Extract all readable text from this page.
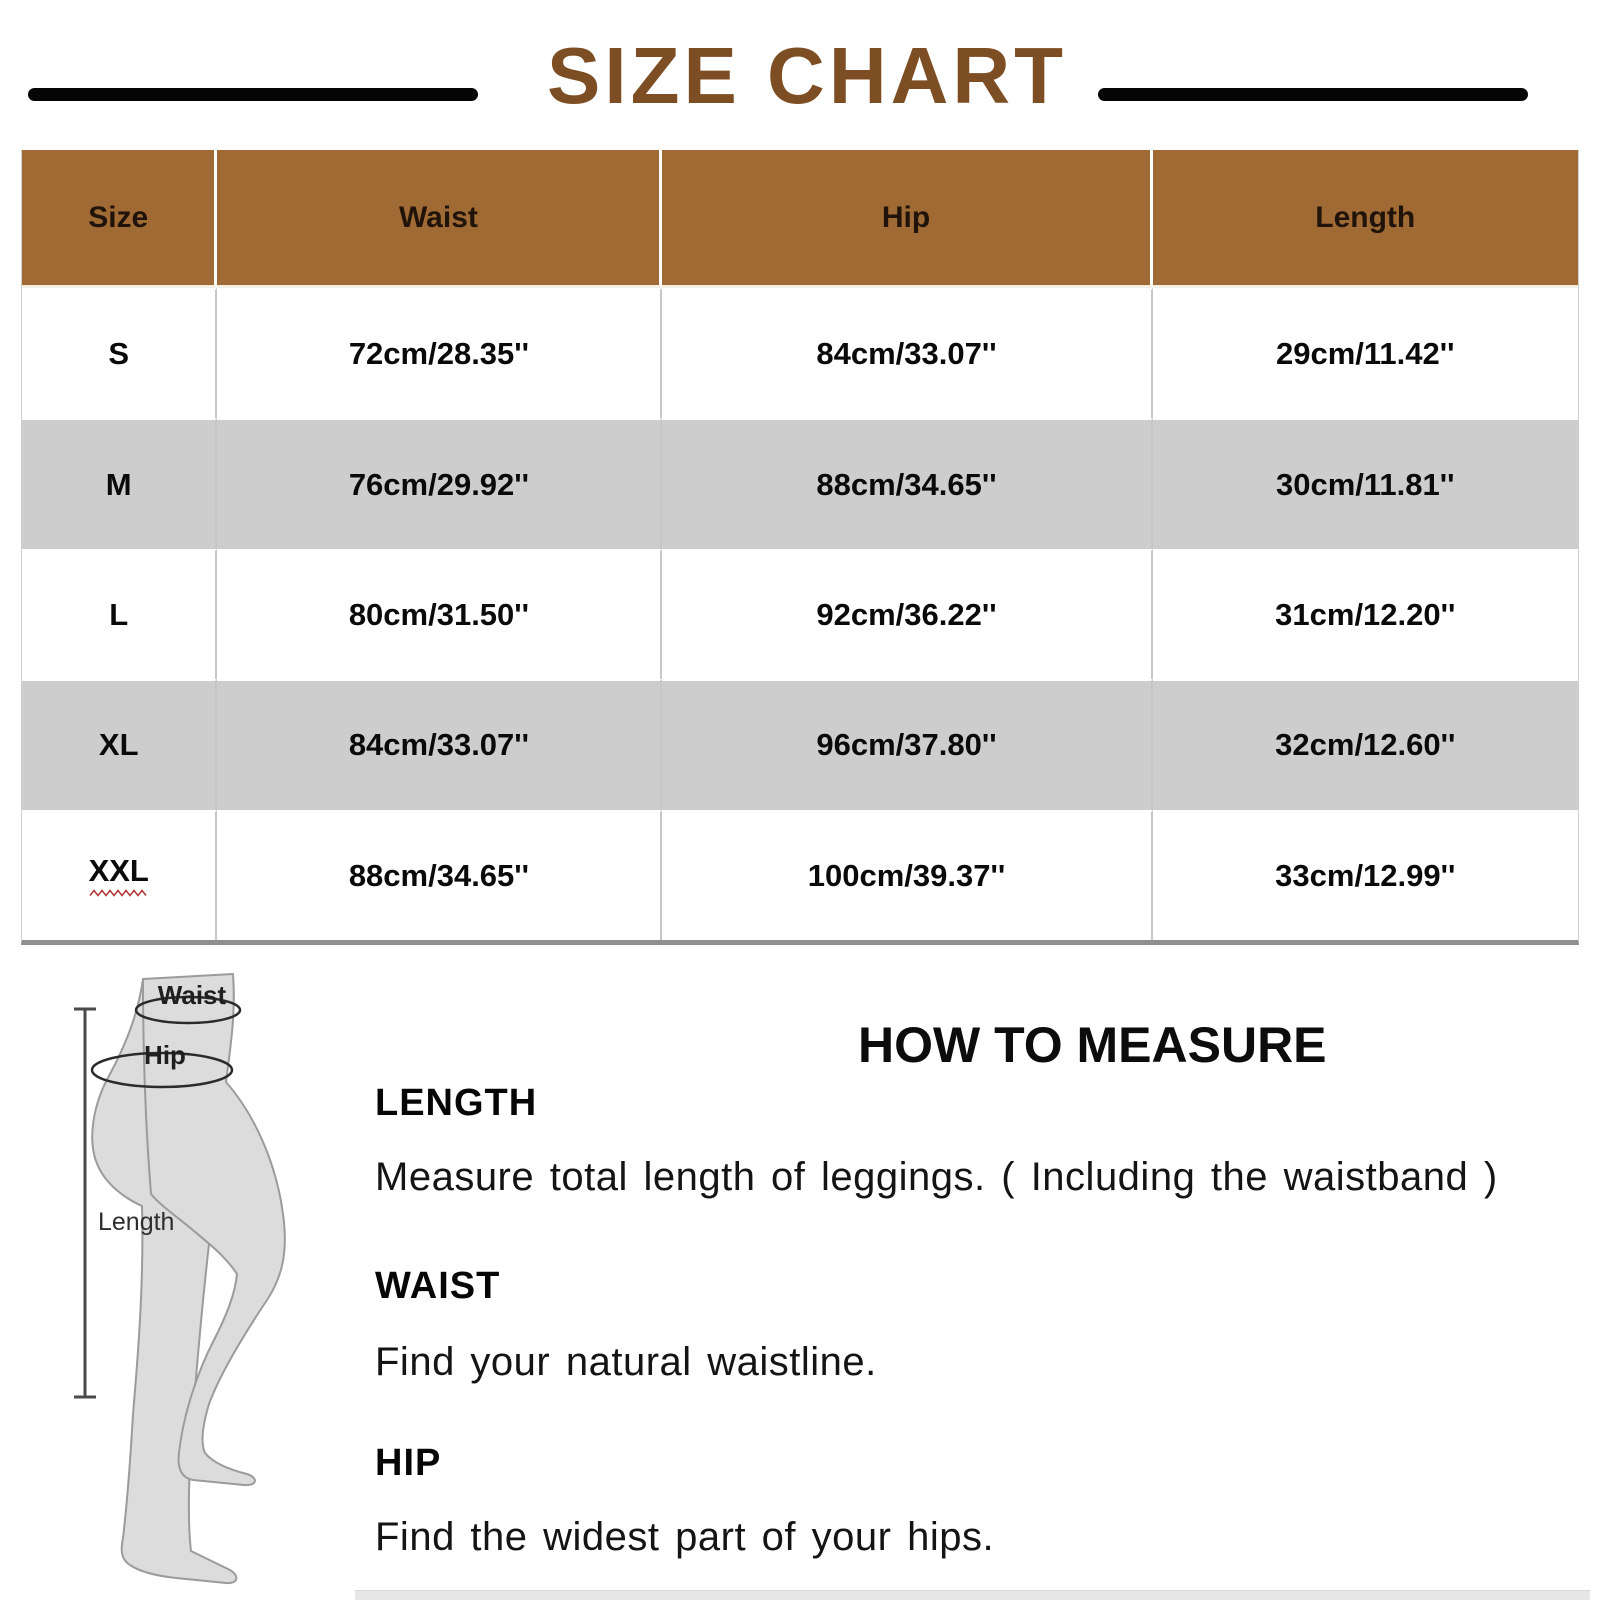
SIZE CHART
Size	Waist	Hip	Length
S	72cm/28.35''	84cm/33.07''	29cm/11.42''
M	76cm/29.92''	88cm/34.65''	30cm/11.81''
L	80cm/31.50''	92cm/36.22''	31cm/12.20''
XL	84cm/33.07''	96cm/37.80''	32cm/12.60''
XXL	88cm/34.65''	100cm/39.37''	33cm/12.99''
Waist
Hip
Length
HOW TO MEASURE
LENGTH
Measure total length of leggings. ( Including the waistband )
WAIST
Find your natural waistline.
HIP
Find the widest part of your hips.
